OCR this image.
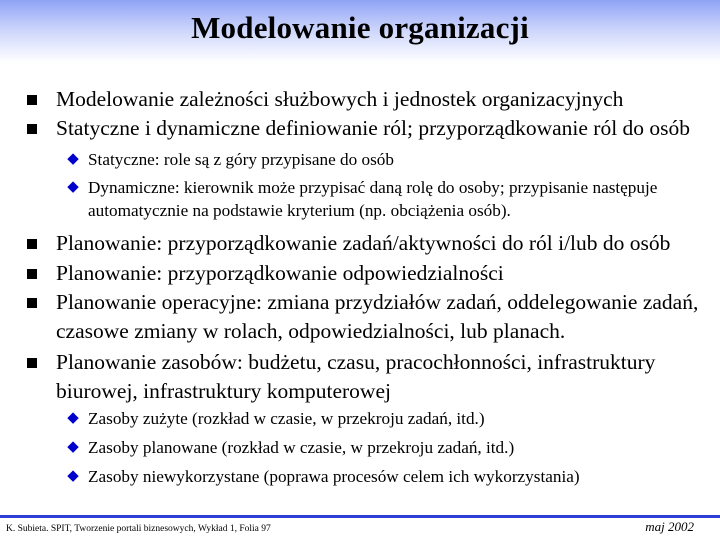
Modelowanie organizacji
Modelowanie zależności służbowych i jednostek organizacyjnych
Statyczne i dynamiczne definiowanie ról; przyporządkowanie ról do osób
◆ Statyczne: role są z góry przypisane do osób
◆ Dynamiczne: kierownik może przypisać daną rolę do osoby; przypisanie następuje automatycznie na podstawie kryterium (np. obciążenia osób).
Planowanie: przyporządkowanie zadań/aktywności do ról i/lub do osób
Planowanie: przyporządkowanie odpowiedzialności
Planowanie operacyjne: zmiana przydziałów zadań, oddelegowanie zadań, czasowe zmiany w rolach, odpowiedzialności, lub planach.
Planowanie zasobów: budżetu, czasu, pracochłonności, infrastruktury biurowej, infrastruktury komputerowej
◆ Zasoby zużyte (rozkład w czasie, w przekroju zadań, itd.)
◆ Zasoby planowane (rozkład w czasie, w przekroju zadań, itd.)
◆ Zasoby niewykorzystane (poprawa procesów celem ich wykorzystania)
K. Subieta. SPIT, Tworzenie portali biznesowych, Wykład 1, Folia 97	maj 2002
